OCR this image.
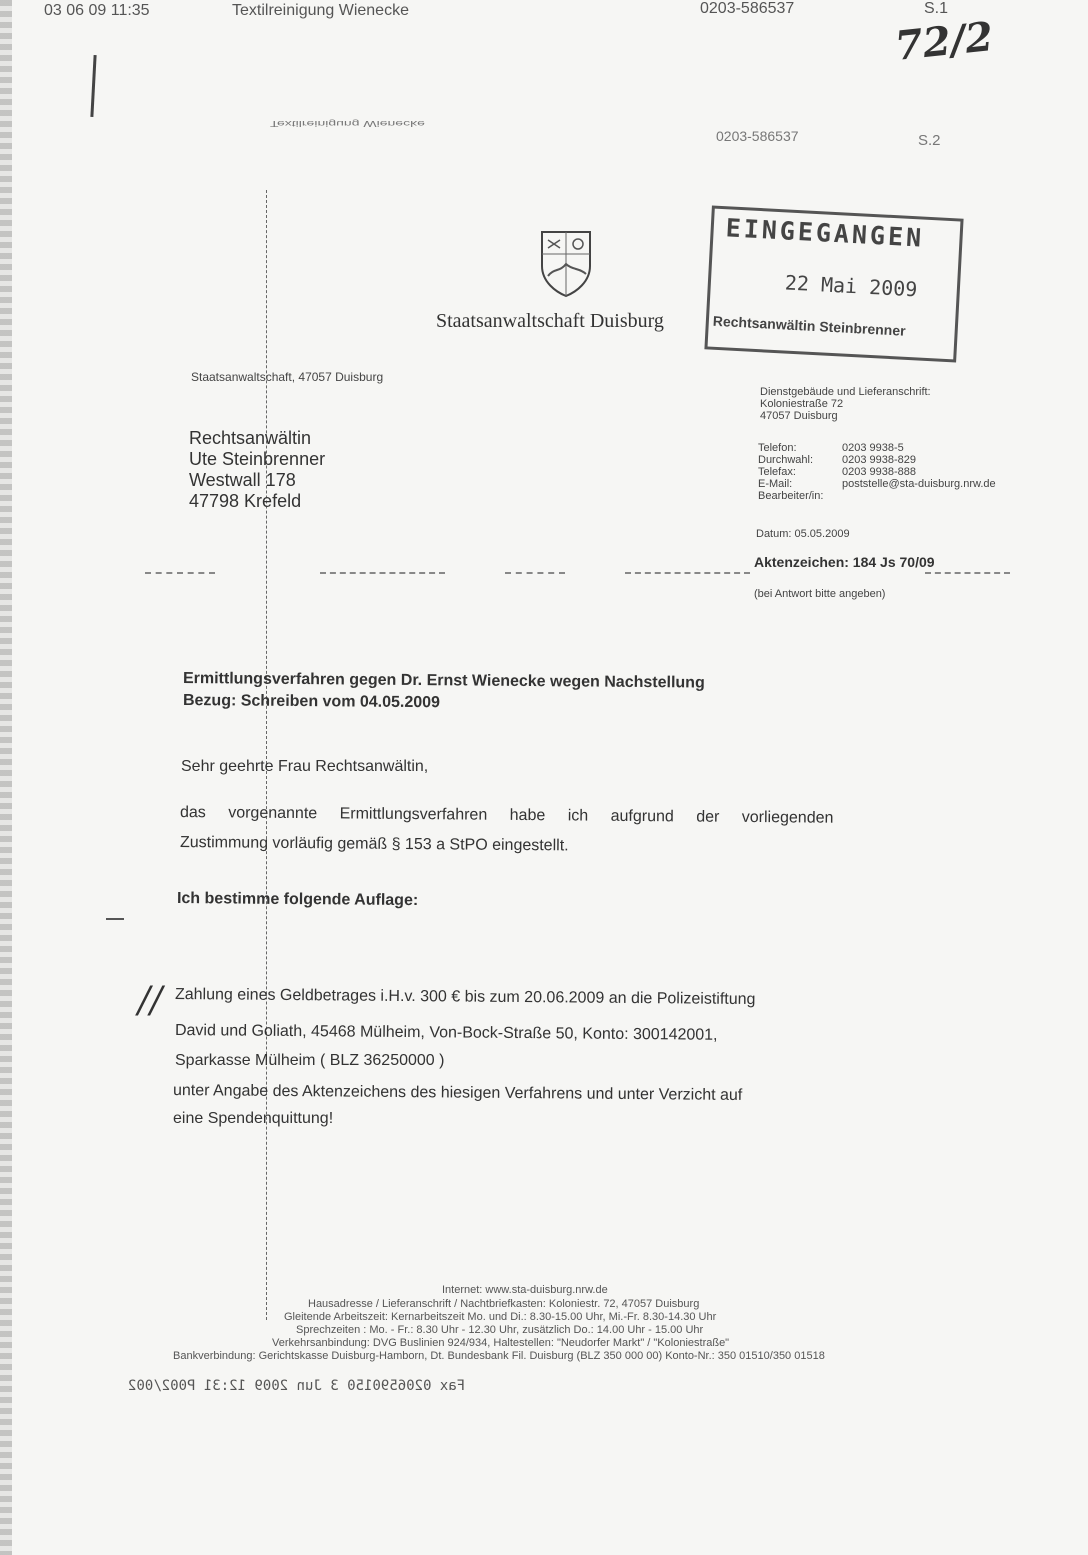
03 06 09 11:35	Textilreinigung Wienecke	0203-586537	S.1
72/2
Textilreinigung Wienecke
0203-586537	S.2
Staatsanwaltschaft Duisburg
EINGEGANGEN
22 Mai 2009
Rechtsanwältin Steinbrenner
Staatsanwaltschaft, 47057 Duisburg
Rechtsanwältin
Ute Steinbrenner
Westwall 178
47798 Krefeld
Dienstgebäude und Lieferanschrift:
Koloniestraße 72
47057 Duisburg
Telefon:	0203 9938-5
Durchwahl:	0203 9938-829
Telefax:	0203 9938-888
E-Mail:	poststelle@sta-duisburg.nrw.de
Bearbeiter/in:
Datum: 05.05.2009
Aktenzeichen: 184 Js 70/09
(bei Antwort bitte angeben)
Ermittlungsverfahren gegen Dr. Ernst Wienecke wegen Nachstellung
Bezug: Schreiben vom 04.05.2009
Sehr geehrte Frau Rechtsanwältin,
das vorgenannte Ermittlungsverfahren habe ich aufgrund der vorliegenden
Zustimmung vorläufig gemäß § 153 a StPO eingestellt.
Ich bestimme folgende Auflage:
// Zahlung eines Geldbetrages i.H.v. 300 € bis zum 20.06.2009 an die Polizeistiftung
David und Goliath, 45468 Mülheim, Von-Bock-Straße 50, Konto: 300142001,
Sparkasse Mülheim ( BLZ 36250000 )
unter Angabe des Aktenzeichens des hiesigen Verfahrens und unter Verzicht auf
eine Spendenquittung!
Internet: www.sta-duisburg.nrw.de
Hausadresse / Lieferanschrift / Nachtbriefkasten: Koloniestr. 72, 47057 Duisburg
Gleitende Arbeitszeit: Kernarbeitszeit Mo. und Di.: 8.30-15.00 Uhr, Mi.-Fr. 8.30-14.30 Uhr
Sprechzeiten : Mo. - Fr.: 8.30 Uhr - 12.30 Uhr, zusätzlich Do.: 14.00 Uhr - 15.00 Uhr
Verkehrsanbindung: DVG Buslinien 924/934, Haltestellen: "Neudorfer Markt" / "Koloniestraße"
Bankverbindung: Gerichtskasse Duisburg-Hamborn, Dt. Bundesbank Fil. Duisburg (BLZ 350 000 00) Konto-Nr.: 350 01510/350 01518
Fax 0206590150 3 Jun 2009 12:31 P002/002
